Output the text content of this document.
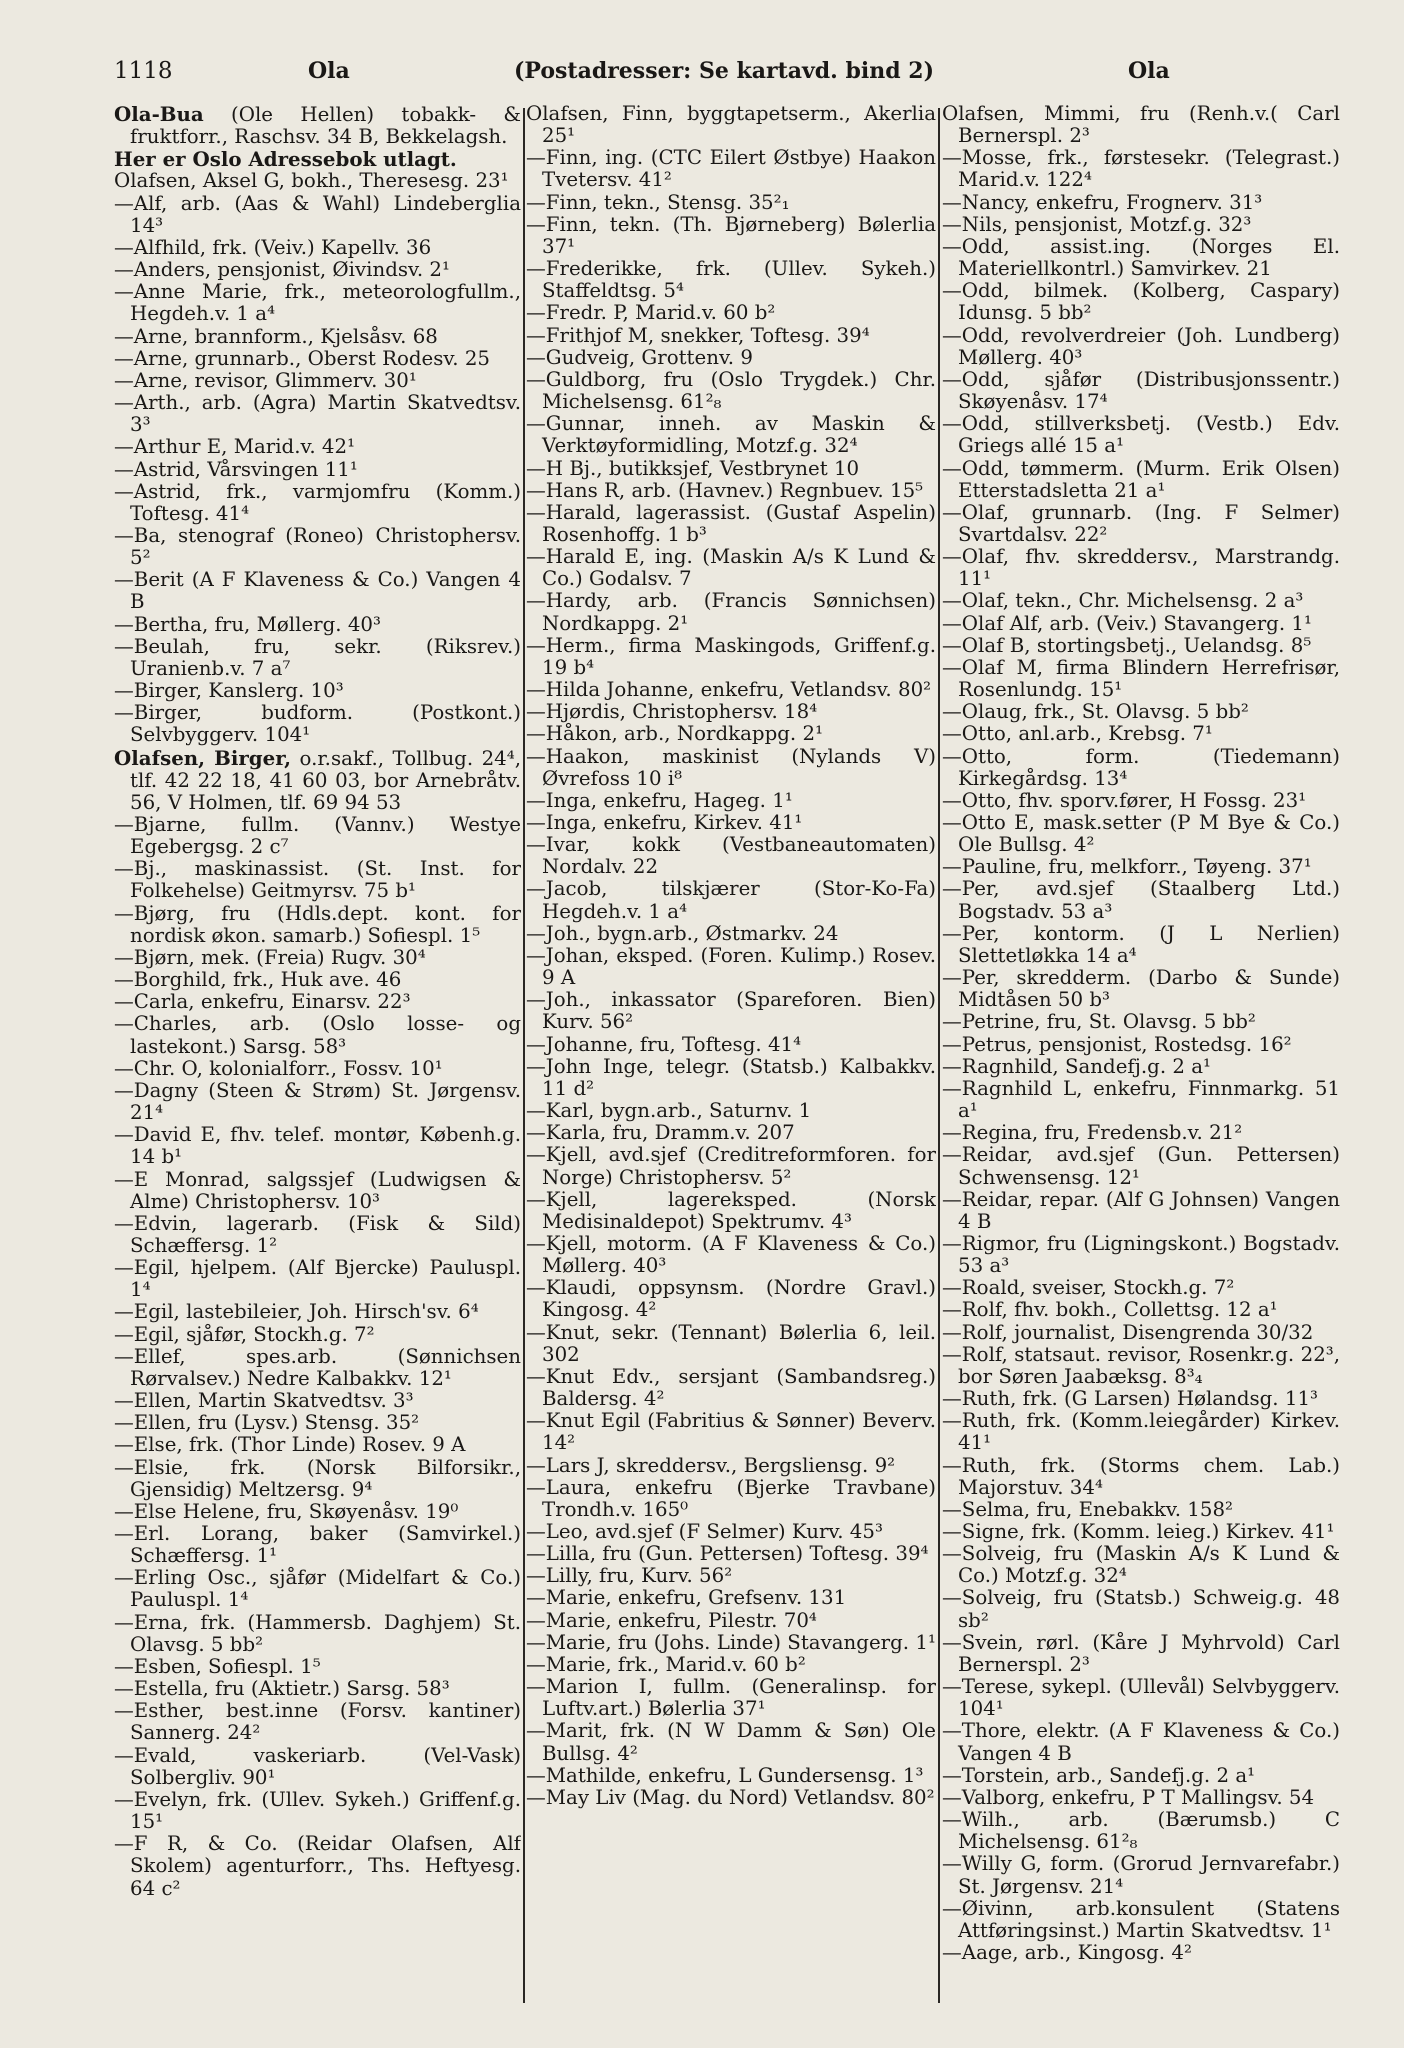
1118	Ola	(Postadresser: Se kartavd. bind 2)	Ola

Ola-Bua (Ole Hellen) tobakk- & fruktforr., Raschsv. 34 B, Bekkelagsh.

Her er Oslo Adressebok utlagt.

Olafsen, Aksel G, bokh., Theresesg. 23¹

—Alf, arb. (Aas & Wahl) Lindeberglia 14³

—Alfhild, frk. (Veiv.) Kapellv. 36

—Anders, pensjonist, Øivindsv. 2¹

—Anne Marie, frk., meteorologfullm., Hegdeh.v. 1 a⁴

—Arne, brannform., Kjelsåsv. 68

—Arne, grunnarb., Oberst Rodesv. 25

—Arne, revisor, Glimmerv. 30¹

—Arth., arb. (Agra) Martin Skatvedtsv. 3³

—Arthur E, Marid.v. 42¹

—Astrid, Vårsvingen 11¹

—Astrid, frk., varmjomfru (Komm.) Toftesg. 41⁴

—Ba, stenograf (Roneo) Christophersv. 5²

—Berit (A F Klaveness & Co.) Vangen 4 B

—Bertha, fru, Møllerg. 40³

—Beulah, fru, sekr. (Riksrev.) Uranienb.v. 7 a⁷

—Birger, Kanslerg. 10³

—Birger, budform. (Postkont.) Selvbyggerv. 104¹

Olafsen, Birger, o.r.sakf., Tollbug. 24⁴, tlf. 42 22 18, 41 60 03, bor Arnebråtv. 56, V Holmen, tlf. 69 94 53

—Bjarne, fullm. (Vannv.) Westye Egebergsg. 2 c⁷

—Bj., maskinassist. (St. Inst. for Folkehelse) Geitmyrsv. 75 b¹

—Bjørg, fru (Hdls.dept. kont. for nordisk økon. samarb.) Sofiespl. 1⁵

—Bjørn, mek. (Freia) Rugv. 30⁴

—Borghild, frk., Huk ave. 46

—Carla, enkefru, Einarsv. 22³

—Charles, arb. (Oslo losse- og lastekont.) Sarsg. 58³

—Chr. O, kolonialforr., Fossv. 10¹

—Dagny (Steen & Strøm) St. Jørgensv. 21⁴

—David E, fhv. telef. montør, Københ.g. 14 b¹

—E Monrad, salgssjef (Ludwigsen & Alme) Christophersv. 10³

—Edvin, lagerarb. (Fisk & Sild) Schæffersg. 1²

—Egil, hjelpem. (Alf Bjercke) Pauluspl. 1⁴

—Egil, lastebileier, Joh. Hirsch'sv. 6⁴

—Egil, sjåfør, Stockh.g. 7²

—Ellef, spes.arb. (Sønnichsen Rørvalsev.) Nedre Kalbakkv. 12¹

—Ellen, Martin Skatvedtsv. 3³

—Ellen, fru (Lysv.) Stensg. 35²

—Else, frk. (Thor Linde) Rosev. 9 A

—Elsie, frk. (Norsk Bilforsikr., Gjensidig) Meltzersg. 9⁴

—Else Helene, fru, Skøyenåsv. 19⁰

—Erl. Lorang, baker (Samvirkel.) Schæffersg. 1¹

—Erling Osc., sjåfør (Midelfart & Co.) Pauluspl. 1⁴

—Erna, frk. (Hammersb. Daghjem) St. Olavsg. 5 bb²

—Esben, Sofiespl. 1⁵

—Estella, fru (Aktietr.) Sarsg. 58³

—Esther, best.inne (Forsv. kantiner) Sannerg. 24²

—Evald, vaskeriarb. (Vel-Vask) Solbergliv. 90¹

—Evelyn, frk. (Ullev. Sykeh.) Griffenf.g. 15¹

—F R, & Co. (Reidar Olafsen, Alf Skolem) agenturforr., Ths. Heftyesg. 64 c²

Olafsen, Finn, byggtapetserm., Akerlia 25¹

—Finn, ing. (CTC Eilert Østbye) Haakon Tvetersv. 41²

—Finn, tekn., Stensg. 35²₁

—Finn, tekn. (Th. Bjørneberg) Bølerlia 37¹

—Frederikke, frk. (Ullev. Sykeh.) Staffeldtsg. 5⁴

—Fredr. P, Marid.v. 60 b²

—Frithjof M, snekker, Toftesg. 39⁴

—Gudveig, Grottenv. 9

—Guldborg, fru (Oslo Trygdek.) Chr. Michelsensg. 61²₈

—Gunnar, inneh. av Maskin & Verktøyformidling, Motzf.g. 32⁴

—H Bj., butikksjef, Vestbrynet 10

—Hans R, arb. (Havnev.) Regnbuev. 15⁵

—Harald, lagerassist. (Gustaf Aspelin) Rosenhoffg. 1 b³

—Harald E, ing. (Maskin A/s K Lund & Co.) Godalsv. 7

—Hardy, arb. (Francis Sønnichsen) Nordkappg. 2¹

—Herm., firma Maskingods, Griffenf.g. 19 b⁴

—Hilda Johanne, enkefru, Vetlandsv. 80²

—Hjørdis, Christophersv. 18⁴

—Håkon, arb., Nordkappg. 2¹

—Haakon, maskinist (Nylands V) Øvrefoss 10 i⁸

—Inga, enkefru, Hageg. 1¹

—Inga, enkefru, Kirkev. 41¹

—Ivar, kokk (Vestbaneautomaten) Nordalv. 22

—Jacob, tilskjærer (Stor-Ko-Fa) Hegdeh.v. 1 a⁴

—Joh., bygn.arb., Østmarkv. 24

—Johan, eksped. (Foren. Kulimp.) Rosev. 9 A

—Joh., inkassator (Spareforen. Bien) Kurv. 56²

—Johanne, fru, Toftesg. 41⁴

—John Inge, telegr. (Statsb.) Kalbakkv. 11 d²

—Karl, bygn.arb., Saturnv. 1

—Karla, fru, Dramm.v. 207

—Kjell, avd.sjef (Creditreformforen. for Norge) Christophersv. 5²

—Kjell, lagereksped. (Norsk Medisinaldepot) Spektrumv. 4³

—Kjell, motorm. (A F Klaveness & Co.) Møllerg. 40³

—Klaudi, oppsynsm. (Nordre Gravl.) Kingosg. 4²

—Knut, sekr. (Tennant) Bølerlia 6, leil. 302

—Knut Edv., sersjant (Sambandsreg.) Baldersg. 4²

—Knut Egil (Fabritius & Sønner) Beverv. 14²

—Lars J, skreddersv., Bergsliensg. 9²

—Laura, enkefru (Bjerke Travbane) Trondh.v. 165⁰

—Leo, avd.sjef (F Selmer) Kurv. 45³

—Lilla, fru (Gun. Pettersen) Toftesg. 39⁴

—Lilly, fru, Kurv. 56²

—Marie, enkefru, Grefsenv. 131

—Marie, enkefru, Pilestr. 70⁴

—Marie, fru (Johs. Linde) Stavangerg. 1¹

—Marie, frk., Marid.v. 60 b²

—Marion I, fullm. (Generalinsp. for Luftv.art.) Bølerlia 37¹

—Marit, frk. (N W Damm & Søn) Ole Bullsg. 4²

—Mathilde, enkefru, L Gundersensg. 1³

—May Liv (Mag. du Nord) Vetlandsv. 80²

Olafsen, Mimmi, fru (Renh.v.( Carl Bernerspl. 2³

—Mosse, frk., førstesekr. (Telegrast.) Marid.v. 122⁴

—Nancy, enkefru, Frognerv. 31³

—Nils, pensjonist, Motzf.g. 32³

—Odd, assist.ing. (Norges El. Materiellkontrl.) Samvirkev. 21

—Odd, bilmek. (Kolberg, Caspary) Idunsg. 5 bb²

—Odd, revolverdreier (Joh. Lundberg) Møllerg. 40³

—Odd, sjåfør (Distribusjonssentr.) Skøyenåsv. 17⁴

—Odd, stillverksbetj. (Vestb.) Edv. Griegs allé 15 a¹

—Odd, tømmerm. (Murm. Erik Olsen) Etterstadsletta 21 a¹

—Olaf, grunnarb. (Ing. F Selmer) Svartdalsv. 22²

—Olaf, fhv. skreddersv., Marstrandg. 11¹

—Olaf, tekn., Chr. Michelsensg. 2 a³

—Olaf Alf, arb. (Veiv.) Stavangerg. 1¹

—Olaf B, stortingsbetj., Uelandsg. 8⁵

—Olaf M, firma Blindern Herrefrisør, Rosenlundg. 15¹

—Olaug, frk., St. Olavsg. 5 bb²

—Otto, anl.arb., Krebsg. 7¹

—Otto, form. (Tiedemann) Kirkegårdsg. 13⁴

—Otto, fhv. sporv.fører, H Fossg. 23¹

—Otto E, mask.setter (P M Bye & Co.) Ole Bullsg. 4²

—Pauline, fru, melkforr., Tøyeng. 37¹

—Per, avd.sjef (Staalberg Ltd.) Bogstadv. 53 a³

—Per, kontorm. (J L Nerlien) Slettetløkka 14 a⁴

—Per, skredderm. (Darbo & Sunde) Midtåsen 50 b³

—Petrine, fru, St. Olavsg. 5 bb²

—Petrus, pensjonist, Rostedsg. 16²

—Ragnhild, Sandefj.g. 2 a¹

—Ragnhild L, enkefru, Finnmarkg. 51 a¹

—Regina, fru, Fredensb.v. 21²

—Reidar, avd.sjef (Gun. Pettersen) Schwensensg. 12¹

—Reidar, repar. (Alf G Johnsen) Vangen 4 B

—Rigmor, fru (Ligningskont.) Bogstadv. 53 a³

—Roald, sveiser, Stockh.g. 7²

—Rolf, fhv. bokh., Collettsg. 12 a¹

—Rolf, journalist, Disengrenda 30/32

—Rolf, statsaut. revisor, Rosenkr.g. 22³, bor Søren Jaabæksg. 8³₄

—Ruth, frk. (G Larsen) Hølandsg. 11³

—Ruth, frk. (Komm.leiegårder) Kirkev. 41¹

—Ruth, frk. (Storms chem. Lab.) Majorstuv. 34⁴

—Selma, fru, Enebakkv. 158²

—Signe, frk. (Komm. leieg.) Kirkev. 41¹

—Solveig, fru (Maskin A/s K Lund & Co.) Motzf.g. 32⁴

—Solveig, fru (Statsb.) Schweig.g. 48 sb²

—Svein, rørl. (Kåre J Myhrvold) Carl Bernerspl. 2³

—Terese, sykepl. (Ullevål) Selvbyggerv. 104¹

—Thore, elektr. (A F Klaveness & Co.) Vangen 4 B

—Torstein, arb., Sandefj.g. 2 a¹

—Valborg, enkefru, P T Mallingsv. 54

—Wilh., arb. (Bærumsb.) C Michelsensg. 61²₈

—Willy G, form. (Grorud Jernvarefabr.) St. Jørgensv. 21⁴

—Øivinn, arb.konsulent (Statens Attføringsinst.) Martin Skatvedtsv. 1¹

—Aage, arb., Kingosg. 4²
